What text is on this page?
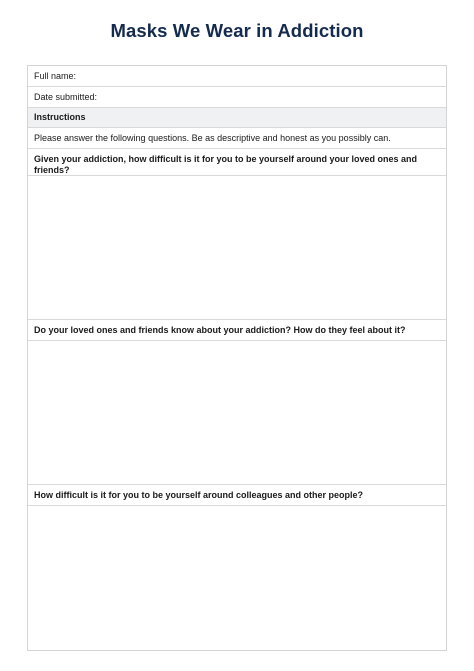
Masks We Wear in Addiction
Full name:
Date submitted:
Instructions
Please answer the following questions. Be as descriptive and honest as you possibly can.
Given your addiction, how difficult is it for you to be yourself around your loved ones and friends?
Do your loved ones and friends know about your addiction? How do they feel about it?
How difficult is it for you to be yourself around colleagues and other people?
